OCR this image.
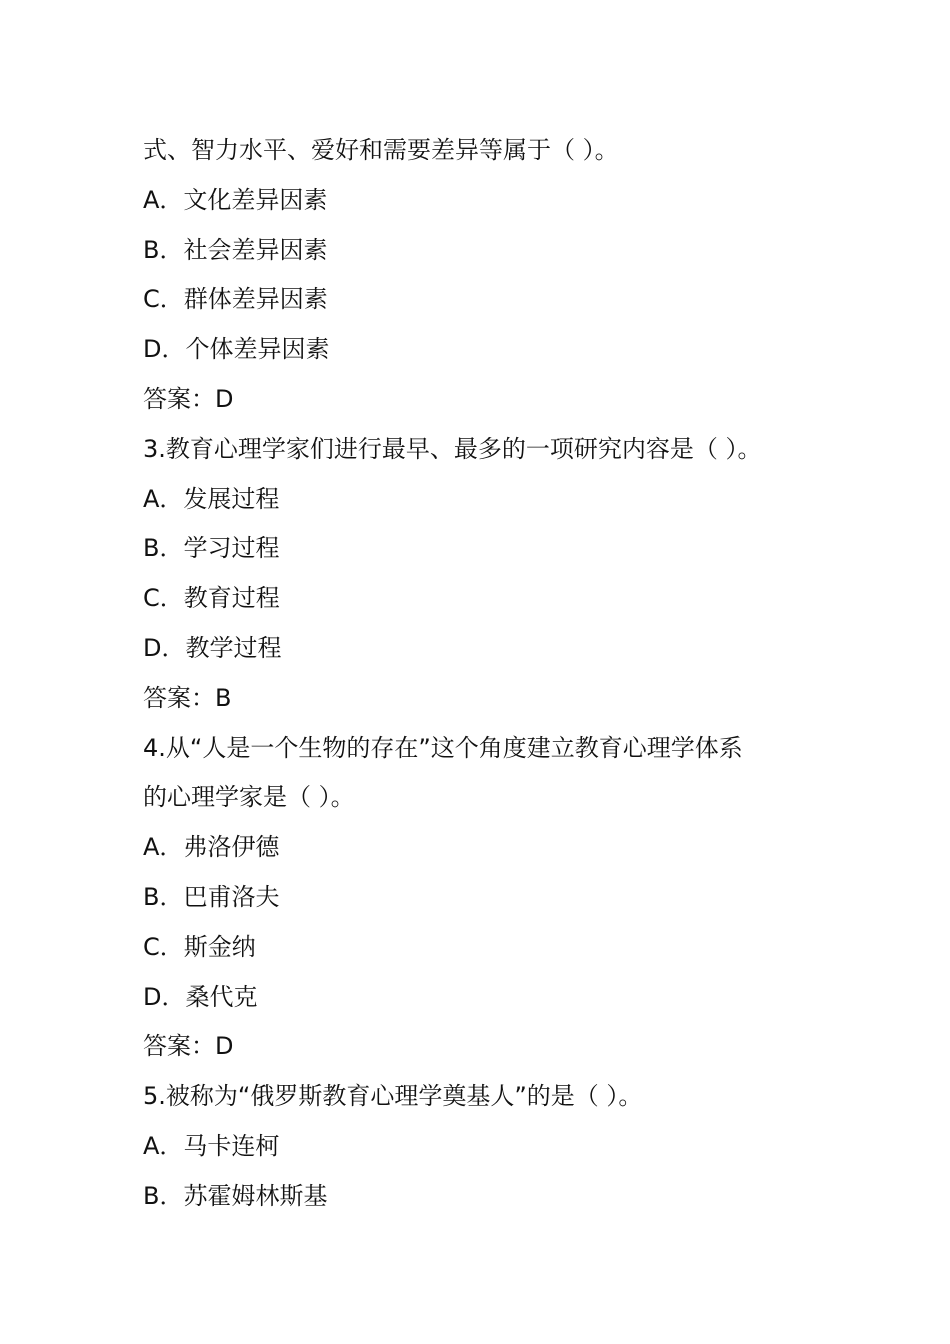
式、智力水平、爱好和需要差异等属于（ ）。
A．文化差异因素
B．社会差异因素
C．群体差异因素
D．个体差异因素
答案：D
3.教育心理学家们进行最早、最多的一项研究内容是（ ）。
A．发展过程
B．学习过程
C．教育过程
D．教学过程
答案：B
4.从“人是一个生物的存在”这个角度建立教育心理学体系
的心理学家是（ ）。
A．弗洛伊德
B．巴甫洛夫
C．斯金纳
D．桑代克
答案：D
5.被称为“俄罗斯教育心理学奠基人”的是（ ）。
A．马卡连柯
B．苏霍姆林斯基
